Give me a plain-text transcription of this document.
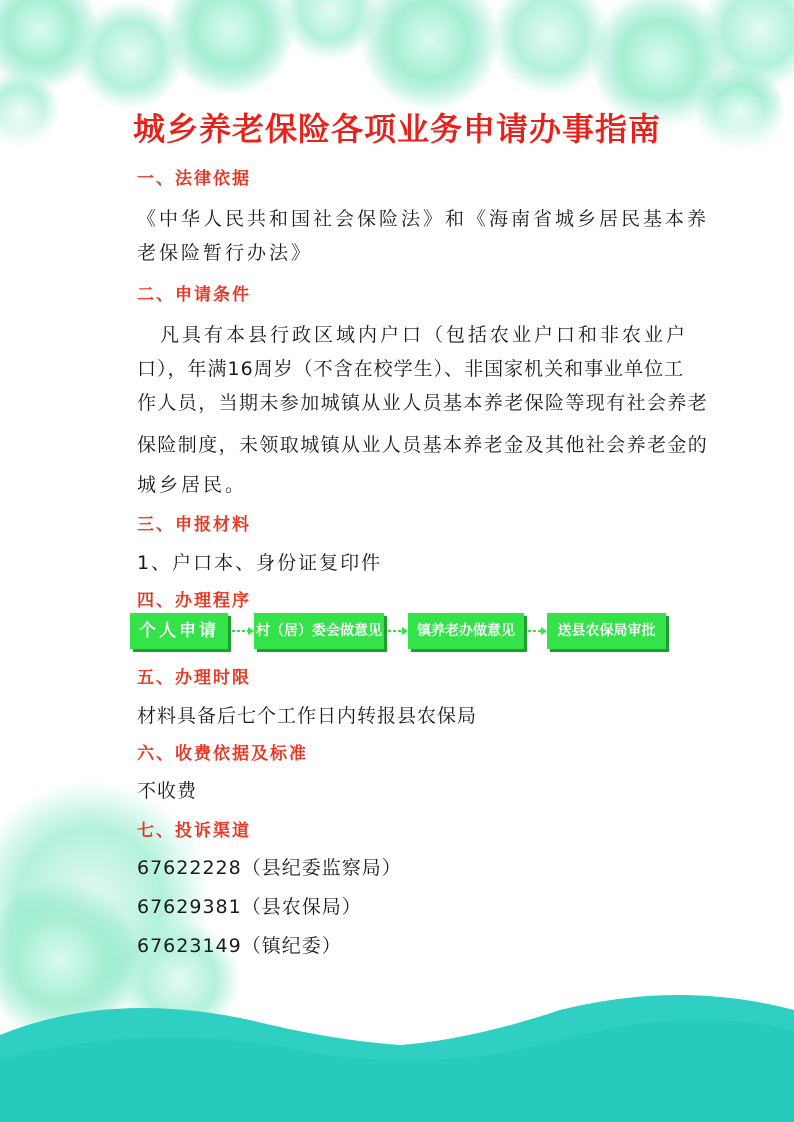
城乡养老保险各项业务申请办事指南
一、法律依据
《中华人民共和国社会保险法》和《海南省城乡居民基本养
老保险暂行办法》
二、申请条件
凡具有本县行政区域内户口（包括农业户口和非农业户
口），年满16周岁（不含在校学生）、非国家机关和事业单位工
作人员，当期未参加城镇从业人员基本养老保险等现有社会养老
保险制度，未领取城镇从业人员基本养老金及其他社会养老金的
城乡居民。
三、申报材料
1、户口本、身份证复印件
四、办理程序
个人申请	村（居）委会做意见	镇养老办做意见	送县农保局审批
五、办理时限
材料具备后七个工作日内转报县农保局
六、收费依据及标准
不收费
七、投诉渠道
67622228（县纪委监察局）
67629381（县农保局）
67623149（镇纪委）
